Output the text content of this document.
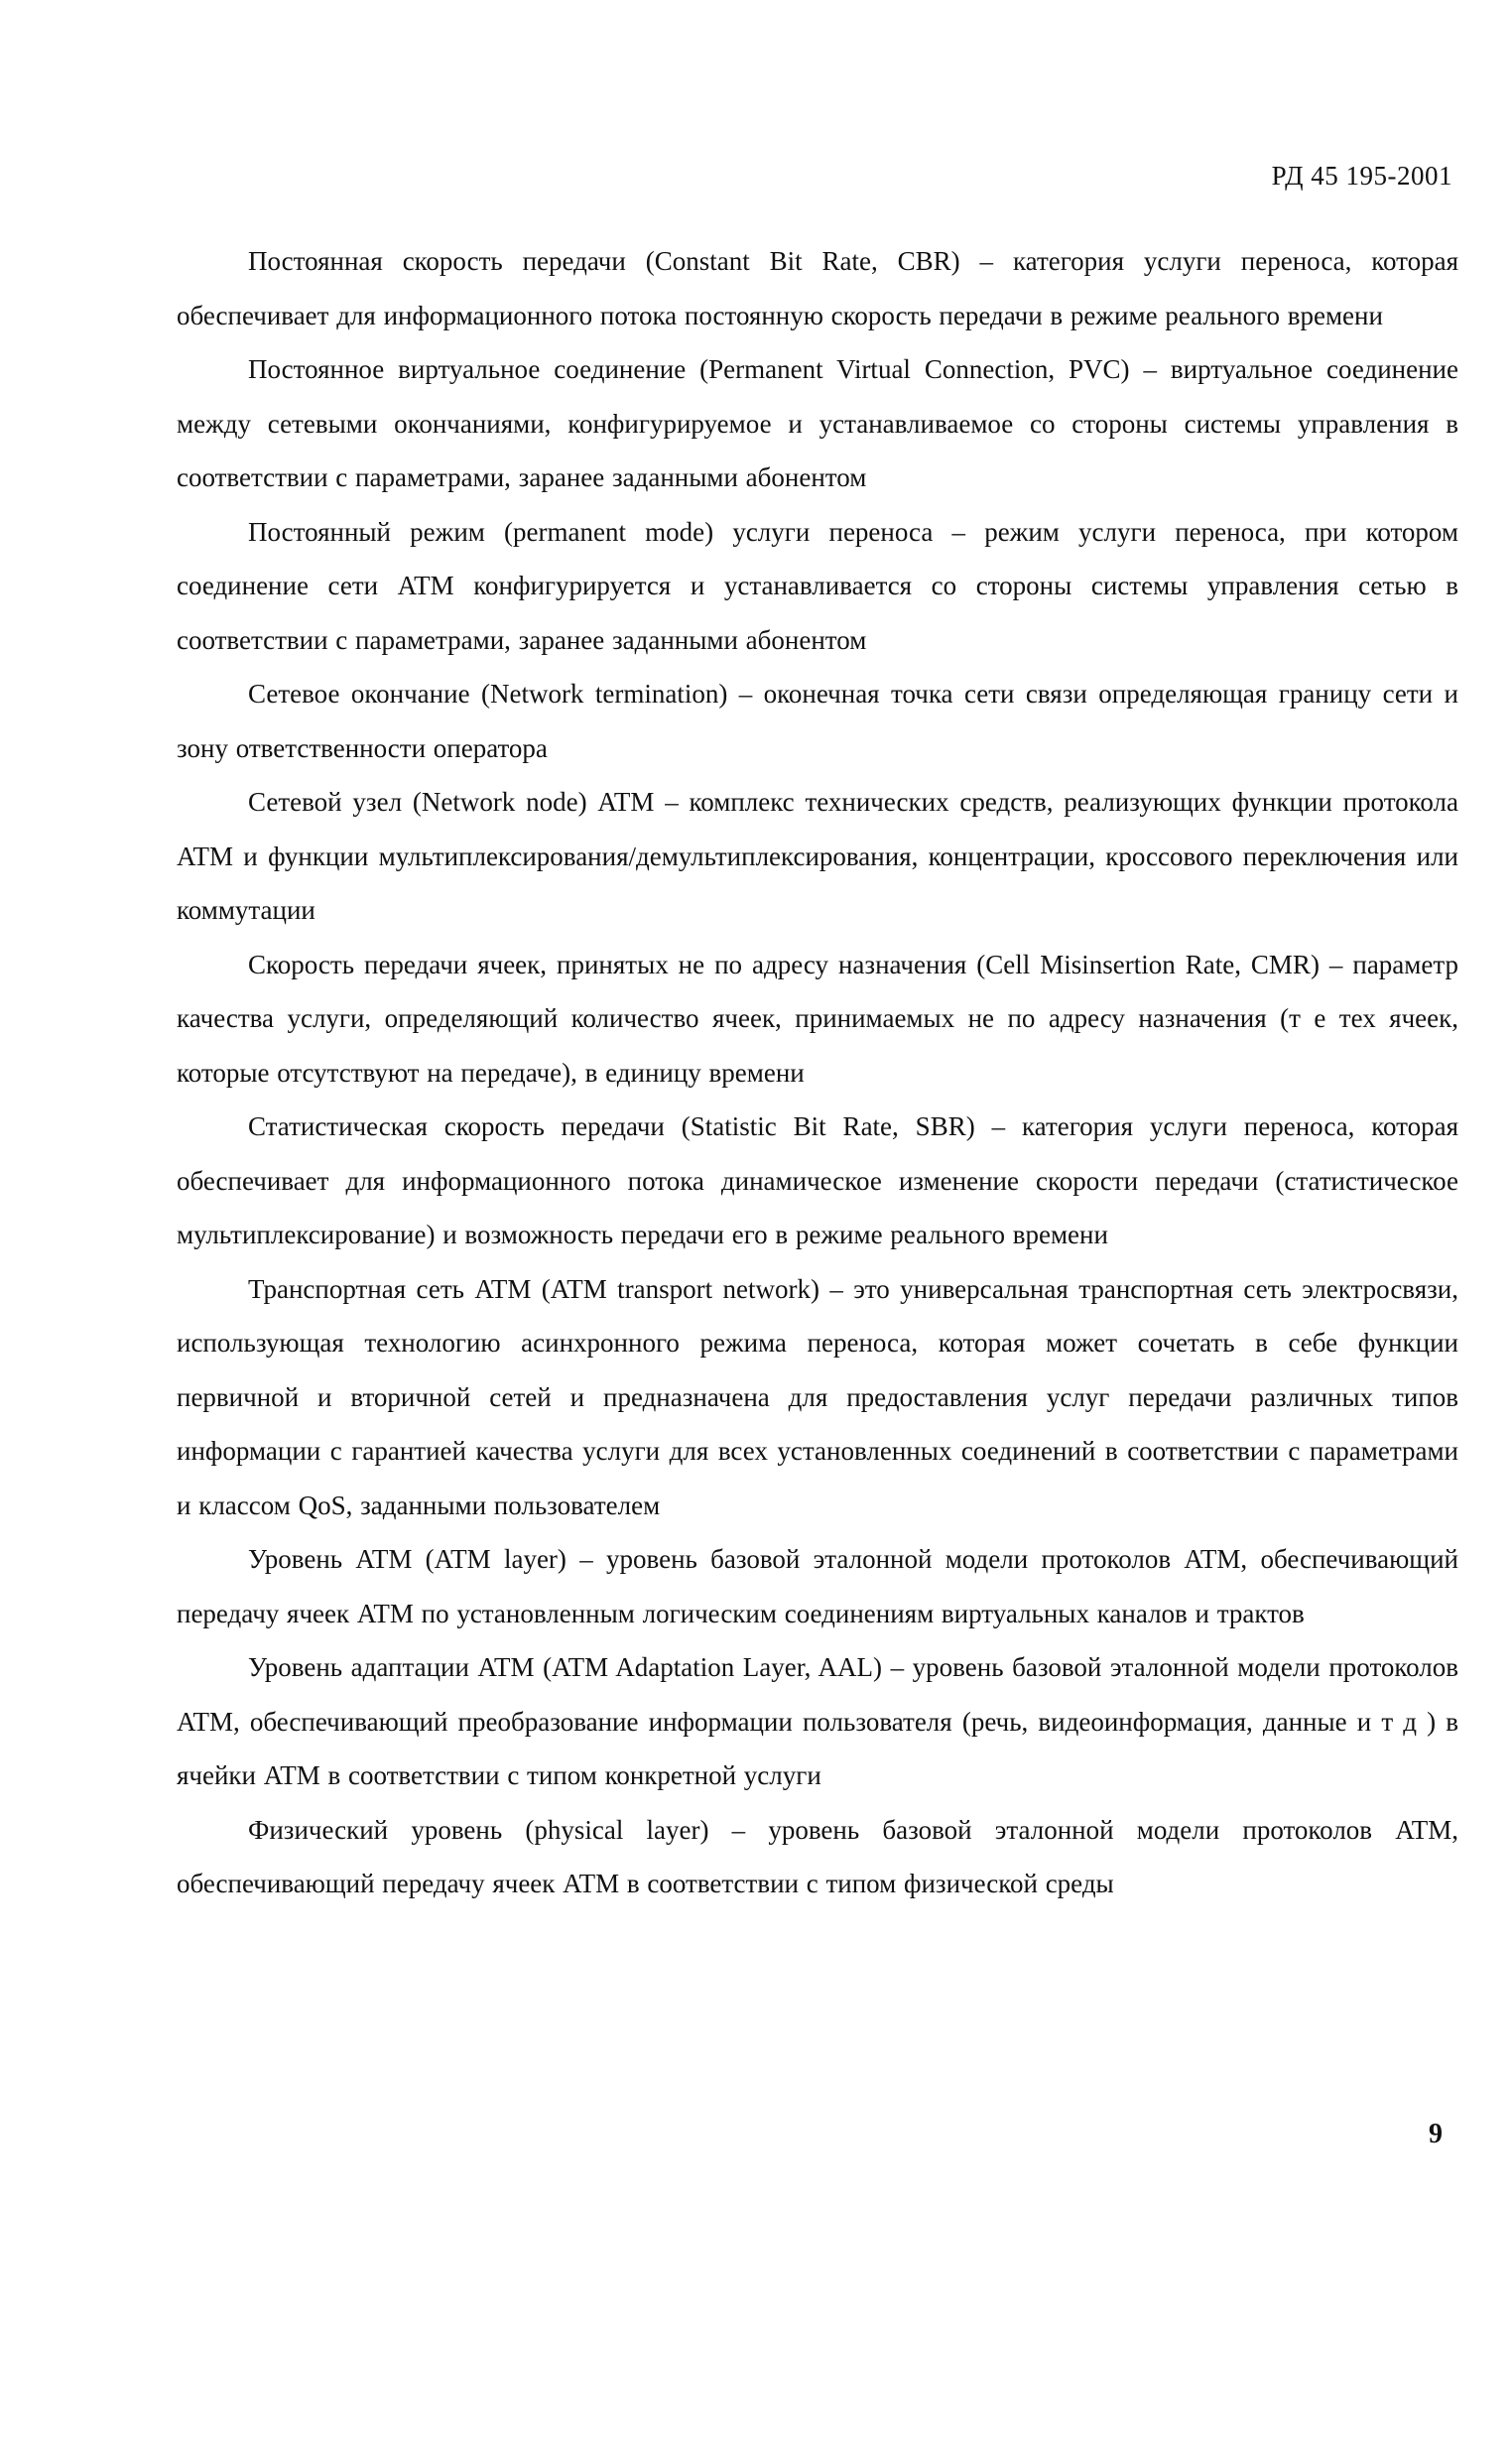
РД 45 195-2001

Постоянная скорость передачи (Constant Bit Rate, CBR) – категория услуги переноса, которая обеспечивает для информационного потока постоянную скорость передачи в режиме реального времени

Постоянное виртуальное соединение (Permanent Virtual Connection, PVC) – виртуальное соединение между сетевыми окончаниями, конфигурируемое и устанавливаемое со стороны системы управления в соответствии с параметрами, заранее заданными абонентом

Постоянный режим (permanent mode) услуги переноса – режим услуги переноса, при котором соединение сети ATM конфигурируется и устанавливается со стороны системы управления сетью в соответствии с параметрами, заранее заданными абонентом

Сетевое окончание (Network termination) – оконечная точка сети связи определяющая границу сети и зону ответственности оператора

Сетевой узел (Network node) ATM – комплекс технических средств, реализующих функции протокола ATM и функции мультиплексирования/демультиплексирования, концентрации, кроссового переключения или коммутации

Скорость передачи ячеек, принятых не по адресу назначения (Cell Misinsertion Rate, CMR) – параметр качества услуги, определяющий количество ячеек, принимаемых не по адресу назначения (т е тех ячеек, которые отсутствуют на передаче), в единицу времени

Статистическая скорость передачи (Statistic Bit Rate, SBR) – категория услуги переноса, которая обеспечивает для информационного потока динамическое изменение скорости передачи (статистическое мультиплексирование) и возможность передачи его в режиме реального времени

Транспортная сеть ATM (ATM transport network) – это универсальная транспортная сеть электросвязи, использующая технологию асинхронного режима переноса, которая может сочетать в себе функции первичной и вторичной сетей и предназначена для предоставления услуг передачи различных типов информации с гарантией качества услуги для всех установленных соединений в соответствии с параметрами и классом QoS, заданными пользователем

Уровень ATM (ATM layer) – уровень базовой эталонной модели протоколов ATM, обеспечивающий передачу ячеек ATM по установленным логическим соединениям виртуальных каналов и трактов

Уровень адаптации ATM (ATM Adaptation Layer, AAL) – уровень базовой эталонной модели протоколов ATM, обеспечивающий преобразование информации пользователя (речь, видеоинформация, данные и т д ) в ячейки ATM в соответствии с типом конкретной услуги

Физический уровень (physical layer) – уровень базовой эталонной модели протоколов ATM, обеспечивающий передачу ячеек ATM в соответствии с типом физической среды

9
